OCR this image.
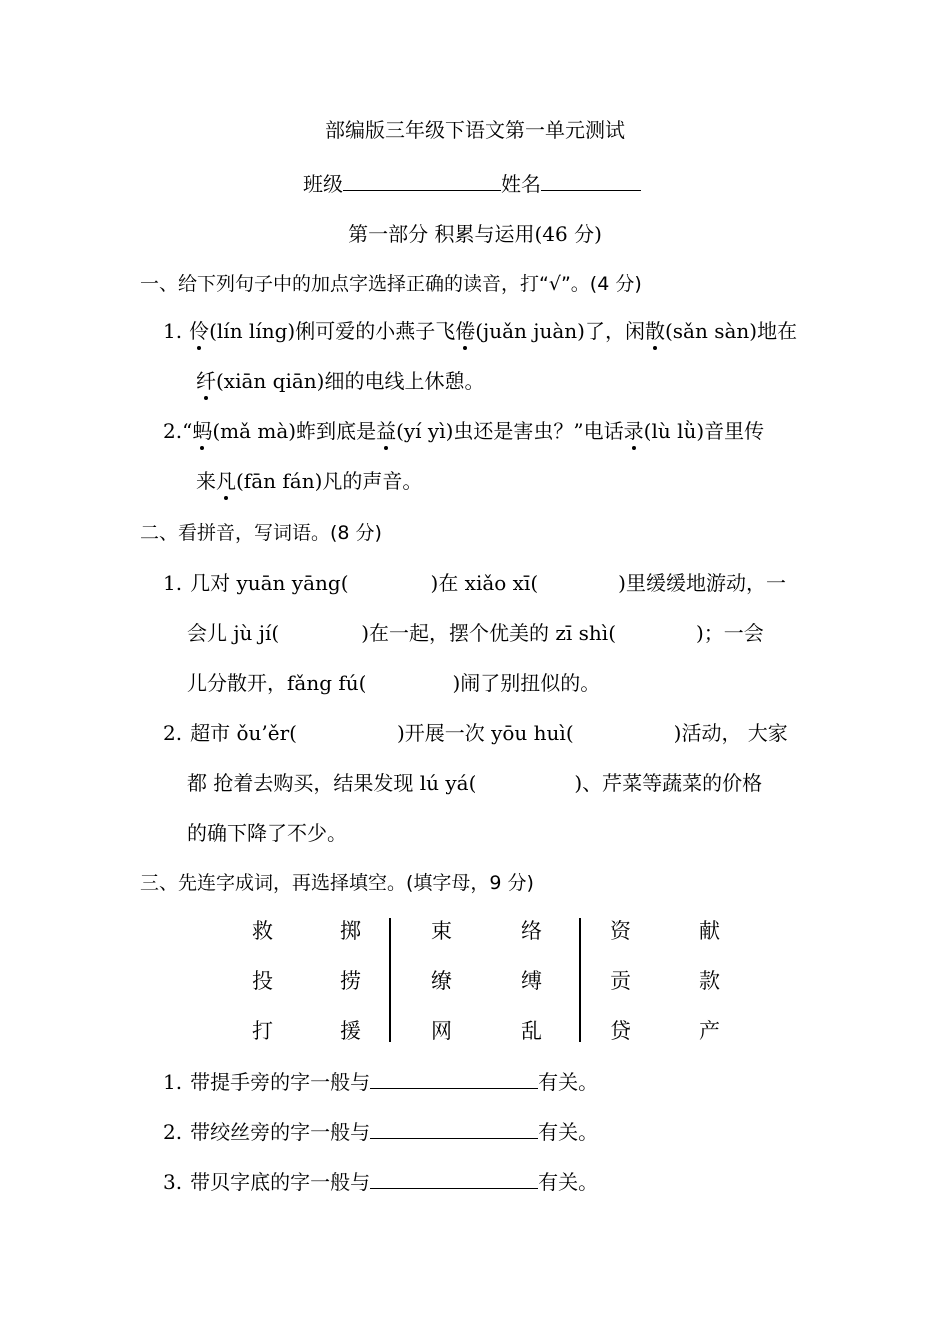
部编版三年级下语文第一单元测试
班级	姓名
第一部分 积累与运用(46 分)
一、给下列句子中的加点字选择正确的读音，打“√”。(4 分)
1. 伶(lín líng)俐可爱的小燕子飞倦(juǎn juàn)了，闲散(sǎn sàn)地在
纤(xiān qiān)细的电线上休憩。
2.“蚂(mǎ mà)蚱到底是益(yí yì)虫还是害虫？”电话录(lù lǜ)音里传
来凡(fān fán)凡的声音。
二、看拼音，写词语。(8 分)
1. 几对 yuān yāng(	)在 xiǎo xī(	)里缓缓地游动，一
会儿 jù jí(	)在一起，摆个优美的 zī shì(	)；一会
儿分散开，fǎng fú(	)闹了别扭似的。
2. 超市 ǒu’ěr(	)开展一次 yōu huì(	)活动， 大家
都 抢着去购买，结果发现 lú yá(	)、芹菜等蔬菜的价格
的确下降了不少。
三、先连字成词，再选择填空。(填字母，9 分)
救	掷	束	络	资	献
投	捞	缭	缚	贡	款
打	援	网	乱	贷	产
1. 带提手旁的字一般与	有关。
2. 带绞丝旁的字一般与	有关。
3. 带贝字底的字一般与	有关。
